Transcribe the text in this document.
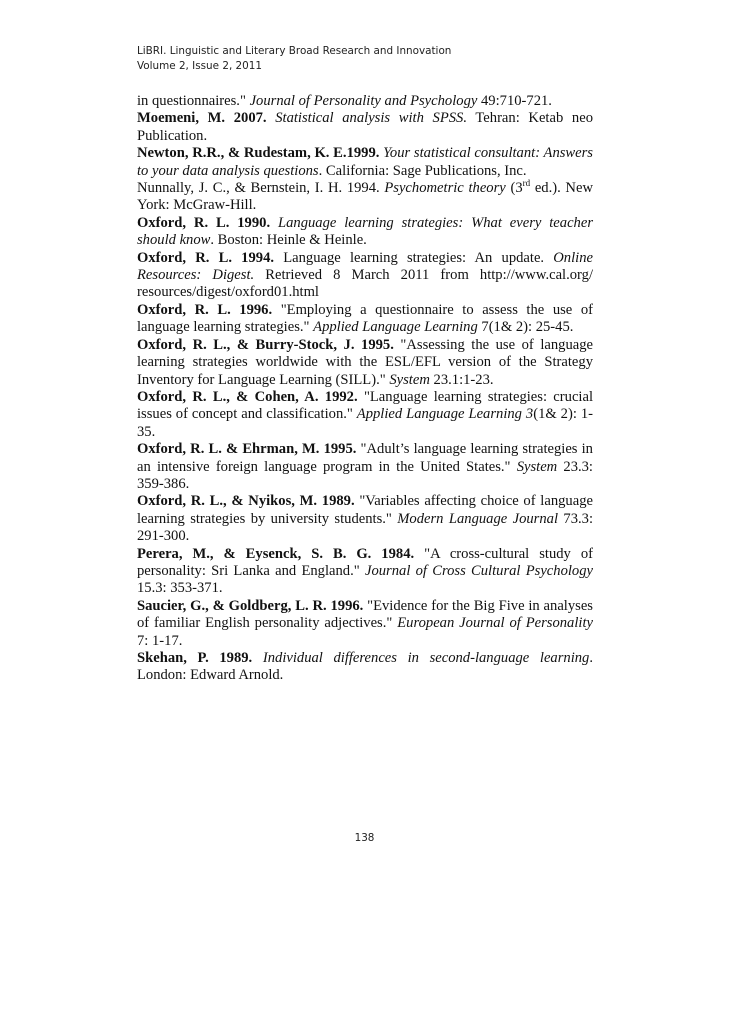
LiBRI. Linguistic and Literary Broad Research and Innovation
Volume 2, Issue 2, 2011

in questionnaires." Journal of Personality and Psychology 49:710-721.

Moemeni, M. 2007. Statistical analysis with SPSS. Tehran: Ketab neo Publication.

Newton, R.R., & Rudestam, K. E.1999. Your statistical consultant: Answers to your data analysis questions. California: Sage Publications, Inc.

Nunnally, J. C., & Bernstein, I. H. 1994. Psychometric theory (3rd ed.). New York: McGraw-Hill.

Oxford, R. L. 1990. Language learning strategies: What every teacher should know. Boston: Heinle & Heinle.

Oxford, R. L. 1994. Language learning strategies: An update. Online Resources: Digest. Retrieved 8 March 2011 from http://www.cal.org/ resources/digest/oxford01.html

Oxford, R. L. 1996. "Employing a questionnaire to assess the use of language learning strategies." Applied Language Learning 7(1& 2): 25-45.

Oxford, R. L., & Burry-Stock, J. 1995. "Assessing the use of language learning strategies worldwide with the ESL/EFL version of the Strategy Inventory for Language Learning (SILL)." System 23.1:1-23.

Oxford, R. L., & Cohen, A. 1992. "Language learning strategies: crucial issues of concept and classification." Applied Language Learning 3(1& 2): 1-35.

Oxford, R. L. & Ehrman, M. 1995. "Adult’s language learning strategies in an intensive foreign language program in the United States." System 23.3: 359-386.

Oxford, R. L., & Nyikos, M. 1989. "Variables affecting choice of language learning strategies by university students." Modern Language Journal 73.3: 291-300.

Perera, M., & Eysenck, S. B. G. 1984. "A cross-cultural study of personality: Sri Lanka and England." Journal of Cross Cultural Psychology 15.3: 353-371.

Saucier, G., & Goldberg, L. R. 1996. "Evidence for the Big Five in analyses of familiar English personality adjectives." European Journal of Personality 7: 1-17.

Skehan, P. 1989. Individual differences in second-language learning. London: Edward Arnold.

138
